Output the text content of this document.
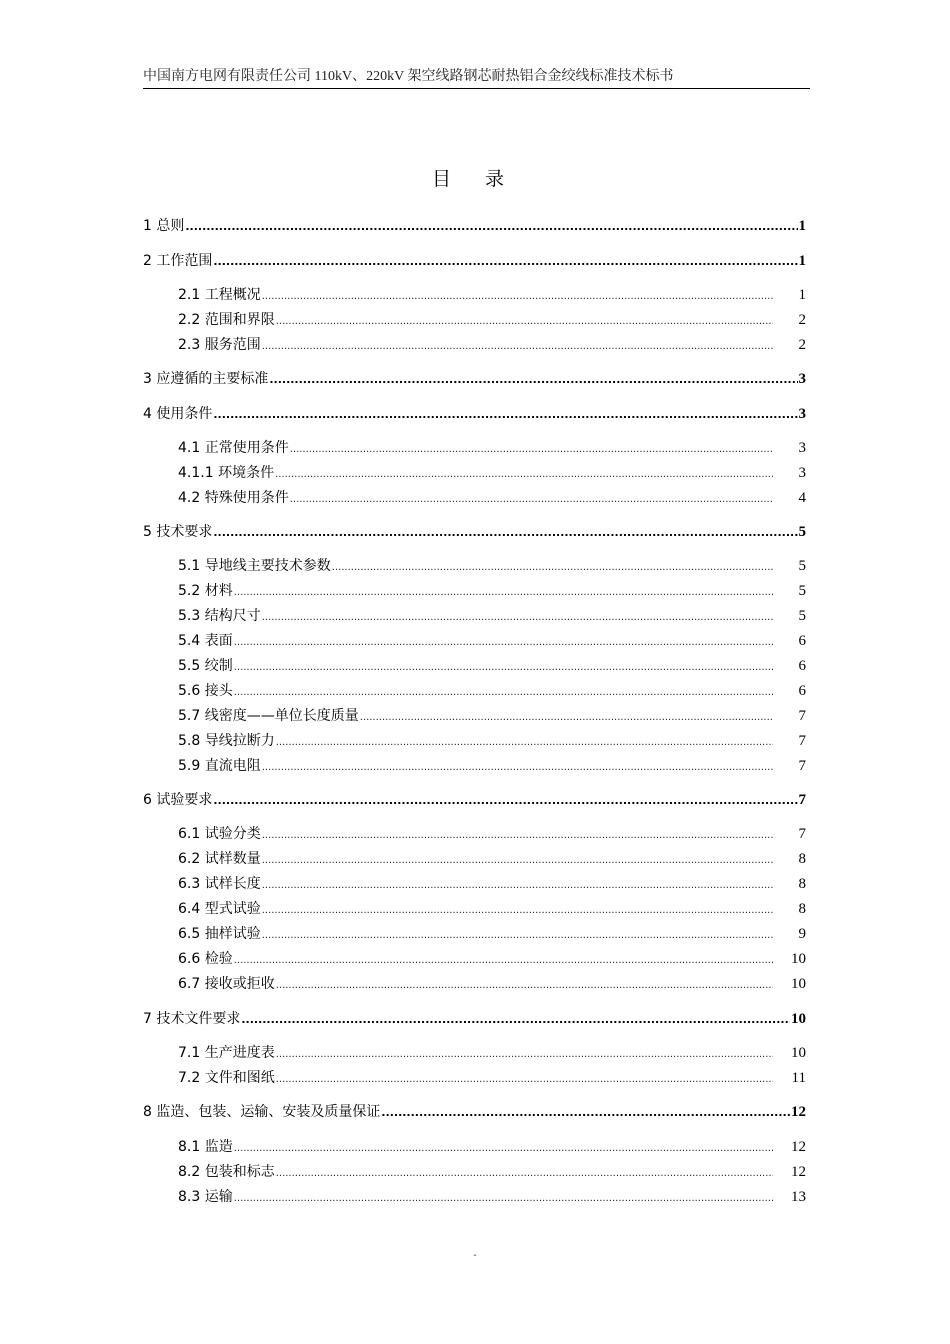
中国南方电网有限责任公司 110kV、220kV 架空线路钢芯耐热铝合金绞线标准技术标书
目 录
1 总则 .....	1
2 工作范围 .....	1
2.1 工程概况 .....	1
2.2 范围和界限 .....	2
2.3 服务范围 .....	2
3 应遵循的主要标准 .....	3
4 使用条件 .....	3
4.1 正常使用条件 .....	3
4.1.1 环境条件 .....	3
4.2 特殊使用条件 .....	4
5 技术要求 .....	5
5.1 导地线主要技术参数 .....	5
5.2 材料 .....	5
5.3 结构尺寸 .....	5
5.4 表面 .....	6
5.5 绞制 .....	6
5.6 接头 .....	6
5.7 线密度——单位长度质量 .....	7
5.8 导线拉断力 .....	7
5.9 直流电阻 .....	7
6 试验要求 .....	7
6.1 试验分类 .....	7
6.2 试样数量 .....	8
6.3 试样长度 .....	8
6.4 型式试验 .....	8
6.5 抽样试验 .....	9
6.6 检验 .....	10
6.7 接收或拒收 .....	10
7 技术文件要求 .....	10
7.1 生产进度表 .....	10
7.2 文件和图纸 .....	11
8 监造、包装、运输、安装及质量保证 .....	12
8.1 监造 .....	12
8.2 包装和标志 .....	12
8.3 运输 .....	13
-
